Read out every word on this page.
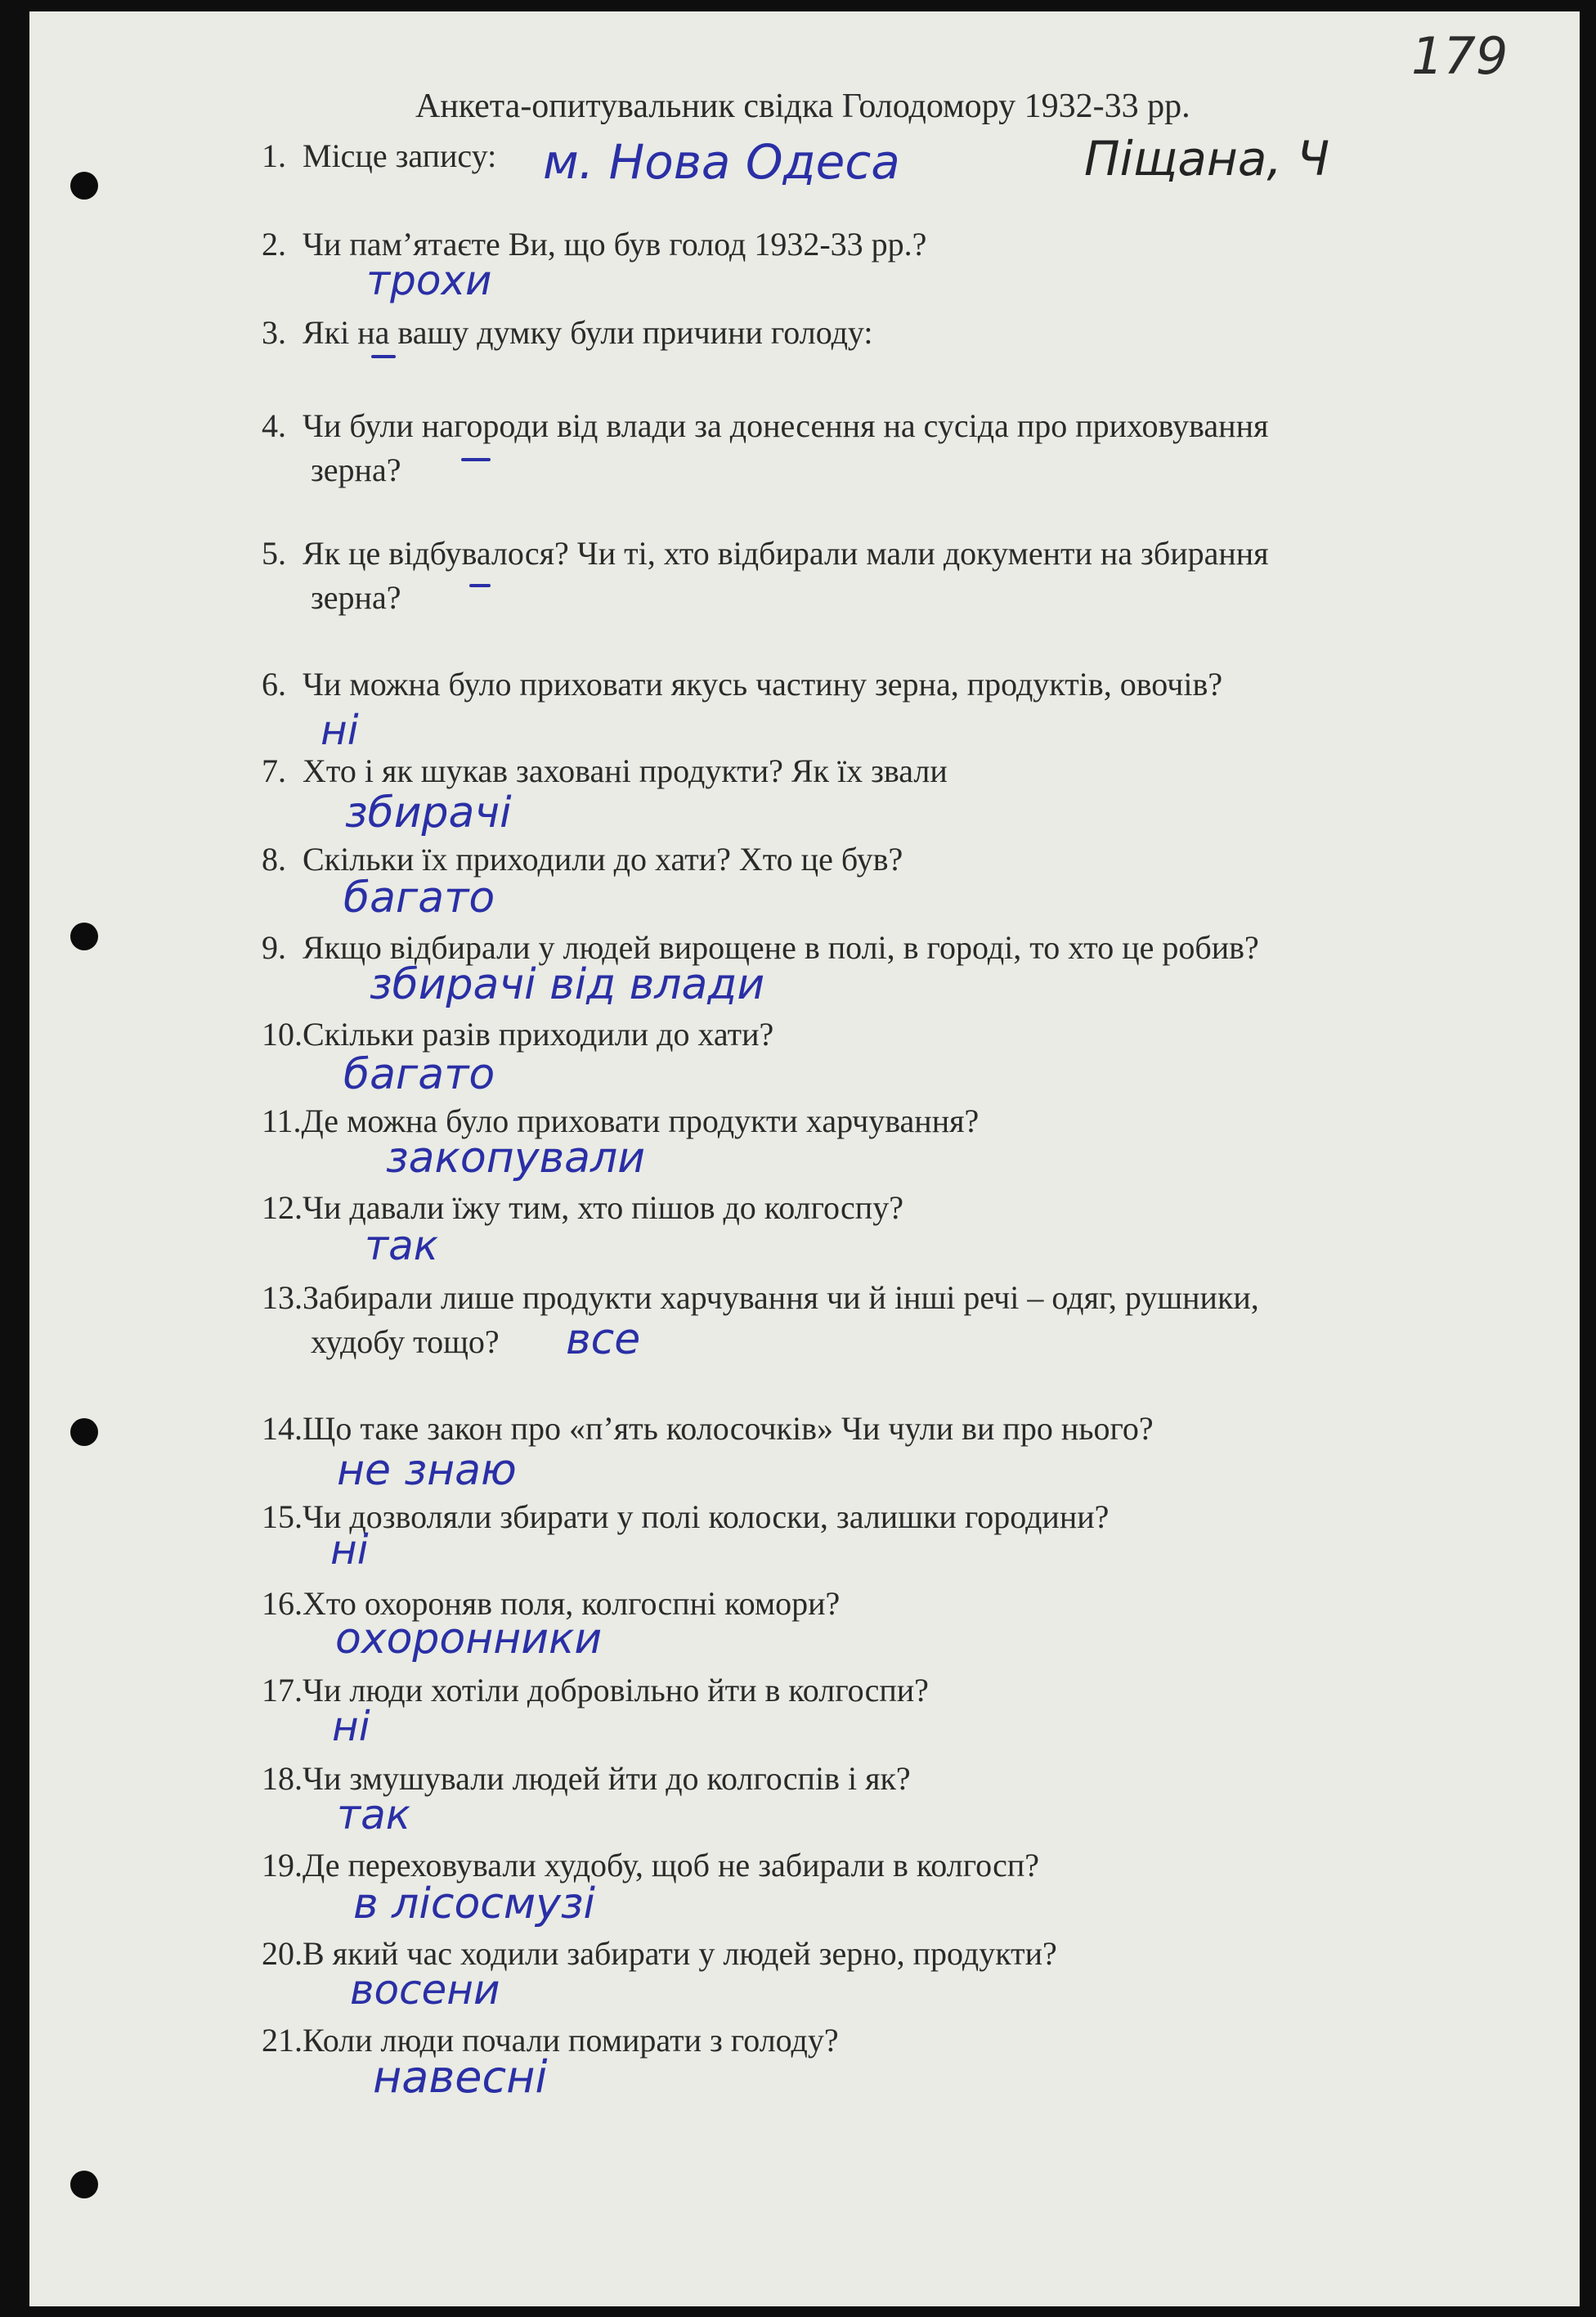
179
Анкета-опитувальник свідка Голодомору 1932-33 рр.
1. Місце запису:
2. Чи пам’ятаєте Ви, що був голод 1932-33 рр.?
3. Які на вашу думку були причини голоду:
4. Чи були нагороди від влади за донесення на сусіда про приховування
зерна?
5. Як це відбувалося? Чи ті, хто відбирали мали документи на збирання
зерна?
6. Чи можна було приховати якусь частину зерна, продуктів, овочів?
7. Хто і як шукав заховані продукти? Як їх звали
8. Скільки їх приходили до хати? Хто це був?
9. Якщо відбирали у людей вирощене в полі, в городі, то хто це робив?
10.Скільки разів приходили до хати?
11.Де можна було приховати продукти харчування?
12.Чи давали їжу тим, хто пішов до колгоспу?
13.Забирали лише продукти харчування чи й інші речі – одяг, рушники,
худобу тощо?
14.Що таке закон про «п’ять колосочків» Чи чули ви про нього?
15.Чи дозволяли збирати у полі колоски, залишки городини?
16.Хто охороняв поля, колгоспні комори?
17.Чи люди хотіли добровільно йти в колгоспи?
18.Чи змушували людей йти до колгоспів і як?
19.Де переховували худобу, щоб не забирали в колгосп?
20.В який час ходили забирати у людей зерно, продукти?
21.Коли люди почали помирати з голоду?
м. Нова Одеса	Піщана, Ч
трохи
ні
збирачі
багато
збирачі від влади
багато
закопували
так
все
не знаю
ні
охоронники
ні
так
в лісосмузі
восени
навесні
